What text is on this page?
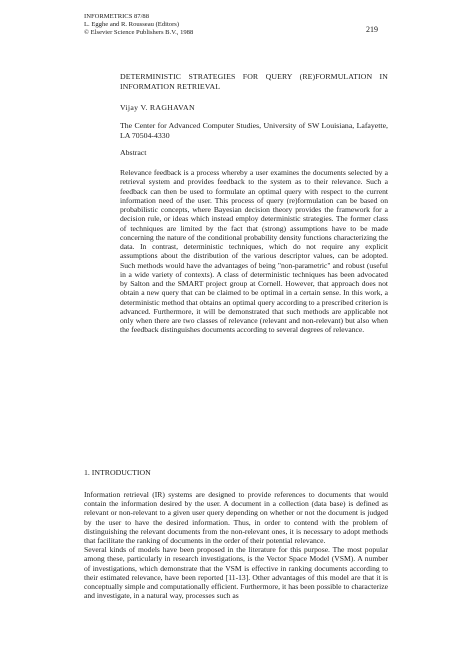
INFORMETRICS 87/88
L. Egghe and R. Rousseau (Editors)
© Elsevier Science Publishers B.V., 1988	219
DETERMINISTIC STRATEGIES FOR QUERY (RE)FORMULATION IN INFORMATION RETRIEVAL
Vijay V. RAGHAVAN
The Center for Advanced Computer Studies, University of SW Louisiana, Lafayette, LA 70504-4330
Abstract

Relevance feedback is a process whereby a user examines the documents selected by a retrieval system and provides feedback to the system as to their relevance. Such a feedback can then be used to formulate an optimal query with respect to the current information need of the user. This process of query (re)formulation can be based on probabilistic concepts, where Bayesian decision theory provides the framework for a decision rule, or ideas which instead employ deterministic strategies. The former class of techniques are limited by the fact that (strong) assumptions have to be made concerning the nature of the conditional probability density functions characterizing the data. In contrast, deterministic techniques, which do not require any explicit assumptions about the distribution of the various descriptor values, can be adopted. Such methods would have the advantages of being "non-parametric" and robust (useful in a wide variety of contexts). A class of deterministic techniques has been advocated by Salton and the SMART project group at Cornell. However, that approach does not obtain a new query that can be claimed to be optimal in a certain sense. In this work, a deterministic method that obtains an optimal query according to a prescribed criterion is advanced. Furthermore, it will be demonstrated that such methods are applicable not only when there are two classes of relevance (relevant and non-relevant) but also when the feedback distinguishes documents according to several degrees of relevance.

1. INTRODUCTION

Information retrieval (IR) systems are designed to provide references to documents that would contain the information desired by the user. A document in a collection (data base) is defined as relevant or non-relevant to a given user query depending on whether or not the document is judged by the user to have the desired information. Thus, in order to contend with the problem of distinguishing the relevant documents from the non-relevant ones, it is necessary to adopt methods that facilitate the ranking of documents in the order of their potential relevance.

Several kinds of models have been proposed in the literature for this purpose. The most popular among these, particularly in research investigations, is the Vector Space Model (VSM). A number of investigations, which demonstrate that the VSM is effective in ranking documents according to their estimated relevance, have been reported [11-13]. Other advantages of this model are that it is conceptually simple and computationally efficient. Furthermore, it has been possible to characterize and investigate, in a natural way, processes such as
